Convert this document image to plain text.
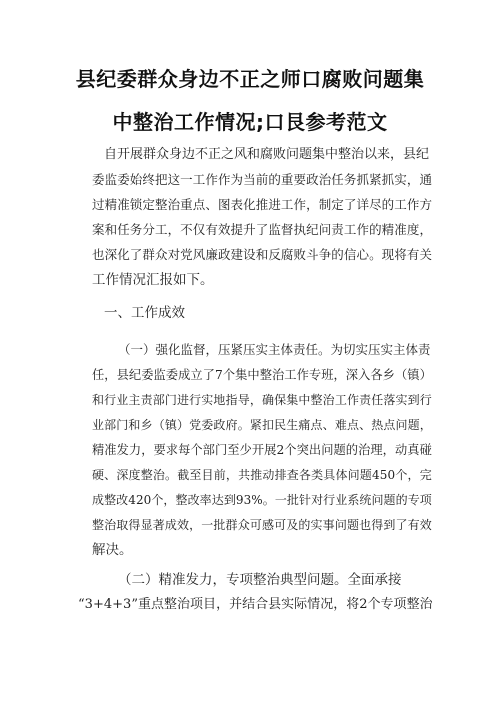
县纪委群众身边不正之师口腐败问题集
中整治工作情况;口艮参考范文
自开展群众身边不正之风和腐败问题集中整治以来，县纪
委 监 委 始 终 把 这 一 工 作 作 为 当 前 的 重 要 政 治 任 务 抓 紧 抓 实 ， 通
过 精 准 锁 定 整 治 重 点 、 图 表 化 推 进 工 作 ， 制 定 了 详 尽 的 工 作 方
案 和 任 务 分 工 ， 不 仅 有 效 提 升 了 监 督 执 纪 问 责 工 作 的 精 准 度 ，
也 深 化 了 群 众 对 党 风 廉 政 建 设 和 反 腐 败 斗 争 的 信 心 。 现 将 有 关
工作情况汇报如下。
一、工作成效
（一）强化监督，压紧压实主体责任。为切实压实主体责
任 ， 县 纪 委 监 委 成 立 了 7 个 集 中 整 治 工 作 专 班 ， 深 入 各 乡 （ 镇 ）
和 行 业 主 责 部 门 进 行 实 地 指 导 ， 确 保 集 中 整 治 工 作 责 任 落 实 到 行
业 部 门 和 乡 （ 镇 ） 党 委 政 府 。 紧 扣 民 生 痛 点 、 难 点 、 热 点 问 题 ，
精 准 发 力 ， 要 求 每 个 部 门 至 少 开 展 2 个 突 出 问 题 的 治 理 ， 动 真 碰
硬 、 深 度 整 治 。 截 至 目 前 ， 共 推 动 排 查 各 类 具 体 问 题 4 5 0 个 ， 完
成 整 改 4 2 0 个 ， 整 改 率 达 到 9 3 % 。 一 批 针 对 行 业 系 统 问 题 的 专 项
整 治 取 得 显 著 成 效 ， 一 批 群 众 可 感 可 及 的 实 事 问 题 也 得 到 了 有 效
解决。
（二）精准发力，专项整治典型问题。全面承接
“ 3 + 4 + 3 ” 重 点 整 治 项 目 ， 并 结 合 县 实 际 情 况 ， 将 2 个 专 项 整 治
